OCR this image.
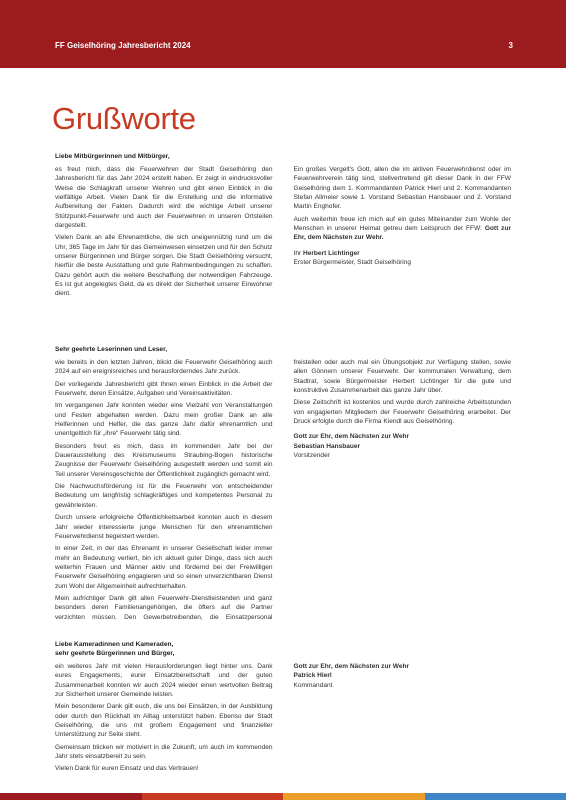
FF Geiselhöring Jahresbericht 2024	3
Grußworte
Liebe Mitbürgerinnen und Mitbürger,

es freut mich, dass die Feuerwehren der Stadt Geiselhöring den Jahresbericht für das Jahr 2024 erstellt haben. Er zeigt in eindrucksvoller Weise die Schlagkraft unserer Wehren und gibt einen Einblick in die vielfältige Arbeit. Vielen Dank für die Erstellung und die informative Aufbereitung der Fakten. Dadurch wird die wichtige Arbeit unserer Stützpunkt-Feuerwehr und auch der Feuerwehren in unseren Ortsteilen dargestellt.

Vielen Dank an alle Ehrenamtliche, die sich uneigennützig rund um die Uhr, 365 Tage im Jahr für das Gemeinwesen einsetzen und für den Schutz unserer Bürgerinnen und Bürger sorgen. Die Stadt Geiselhöring versucht, hierfür die beste Ausstattung und gute Rahmenbedingungen zu schaffen. Dazu gehört auch die weitere Beschaffung der notwendigen Fahrzeuge. Es ist gut angelegtes Geld, da es direkt der Sicherheit unserer Einwohner dient.

Ein großes Vergelt's Gott, allen die im aktiven Feuerwehrdienst oder im Feuerwehrverein tätig sind, stellvertretend gilt dieser Dank in der FFW Geiselhöring dem 1. Kommandanten Patrick Hierl und 2. Kommandanten Stefan Allmeier sowie 1. Vorstand Sebastian Hansbauer und 2. Vorstand Martin Enghofer.

Auch weiterhin freue ich mich auf ein gutes Miteinander zum Wohle der Menschen in unserer Heimat getreu dem Leitspruch der FFW: Gott zur Ehr, dem Nächsten zur Wehr.

Ihr Herbert Lichtinger

Erster Bürgermeister, Stadt Geiselhöring

Sehr geehrte Leserinnen und Leser,

wie bereits in den letzten Jahren, blickt die Feuerwehr Geiselhöring auch 2024 auf ein ereignisreiches und herausforderndes Jahr zurück.

Der vorliegende Jahresbericht gibt Ihnen einen Einblick in die Arbeit der Feuerwehr, deren Einsätze, Aufgaben und Vereinsaktivitäten.

Im vergangenen Jahr konnten wieder eine Vielzahl von Veranstaltungen und Festen abgehalten werden. Dazu mein großer Dank an alle Helferinnen und Helfer, die das ganze Jahr dafür ehrenamtlich und unentgeltlich für „ihre“ Feuerwehr tätig sind.

Besonders freut es mich, dass im kommenden Jahr bei der Dauerausstellung des Kreismuseums Straubing-Bogen historische Zeugnisse der Feuerwehr Geiselhöring ausgestellt werden und somit ein Teil unserer Vereinsgeschichte der Öffentlichkeit zugänglich gemacht wird.

Die Nachwuchsförderung ist für die Feuerwehr von entscheidender Bedeutung um langfristig schlagkräftiges und kompetentes Personal zu gewährleisten.

Durch unsere erfolgreiche Öffentlichkeitsarbeit konnten auch in diesem Jahr wieder interessierte junge Menschen für den ehrenamtlichen Feuerwehrdienst begeistert werden.

In einer Zeit, in der das Ehrenamt in unserer Gesellschaft leider immer mehr an Bedeutung verliert, bin ich aktuell guter Dinge, dass sich auch weiterhin Frauen und Männer aktiv und fördernd bei der Freiwilligen Feuerwehr Geiselhöring engagieren und so einen unverzichtbaren Dienst zum Wohl der Allgemeinheit aufrechterhalten.

Mein aufrichtiger Dank gilt allen Feuerwehr-Dienstleistenden und ganz besonders deren Familienangehörigen, die öfters auf die Partner verzichten müssen. Den Gewerbetreibenden, die Einsatzpersonal freistellen oder auch mal ein Übungsobjekt zur Verfügung stellen, sowie allen Gönnern unserer Feuerwehr. Der kommunalen Verwaltung, dem Stadtrat, sowie Bürgermeister Herbert Lichtinger für die gute und konstruktive Zusammenarbeit das ganze Jahr über.

Diese Zeitschrift ist kostenlos und wurde durch zahlreiche Arbeitsstunden von engagierten Mitgliedern der Feuerwehr Geiselhöring erarbeitet. Der Druck erfolgte durch die Firma Kiendl aus Geiselhöring.

Gott zur Ehr, dem Nächsten zur Wehr

Sebastian Hansbauer

Vorsitzender

Liebe Kameradinnen und Kameraden,
sehr geehrte Bürgerinnen und Bürger,

ein weiteres Jahr mit vielen Herausforderungen liegt hinter uns. Dank eures Engagements, eurer Einsatzbereitschaft und der guten Zusammenarbeit konnten wir auch 2024 wieder einen wertvollen Beitrag zur Sicherheit unserer Gemeinde leisten.

Mein besonderer Dank gilt euch, die uns bei Einsätzen, in der Ausbildung oder durch den Rückhalt im Alltag unterstützt haben. Ebenso der Stadt Geiselhöring, die uns mit großem Engagement und finanzieller Unterstützung zur Seite steht.

Gemeinsam blicken wir motiviert in die Zukunft, um auch im kommenden Jahr stets einsatzbereit zu sein.

Vielen Dank für euren Einsatz und das Vertrauen!

Gott zur Ehr, dem Nächsten zur Wehr

Patrick Hierl

Kommandant
